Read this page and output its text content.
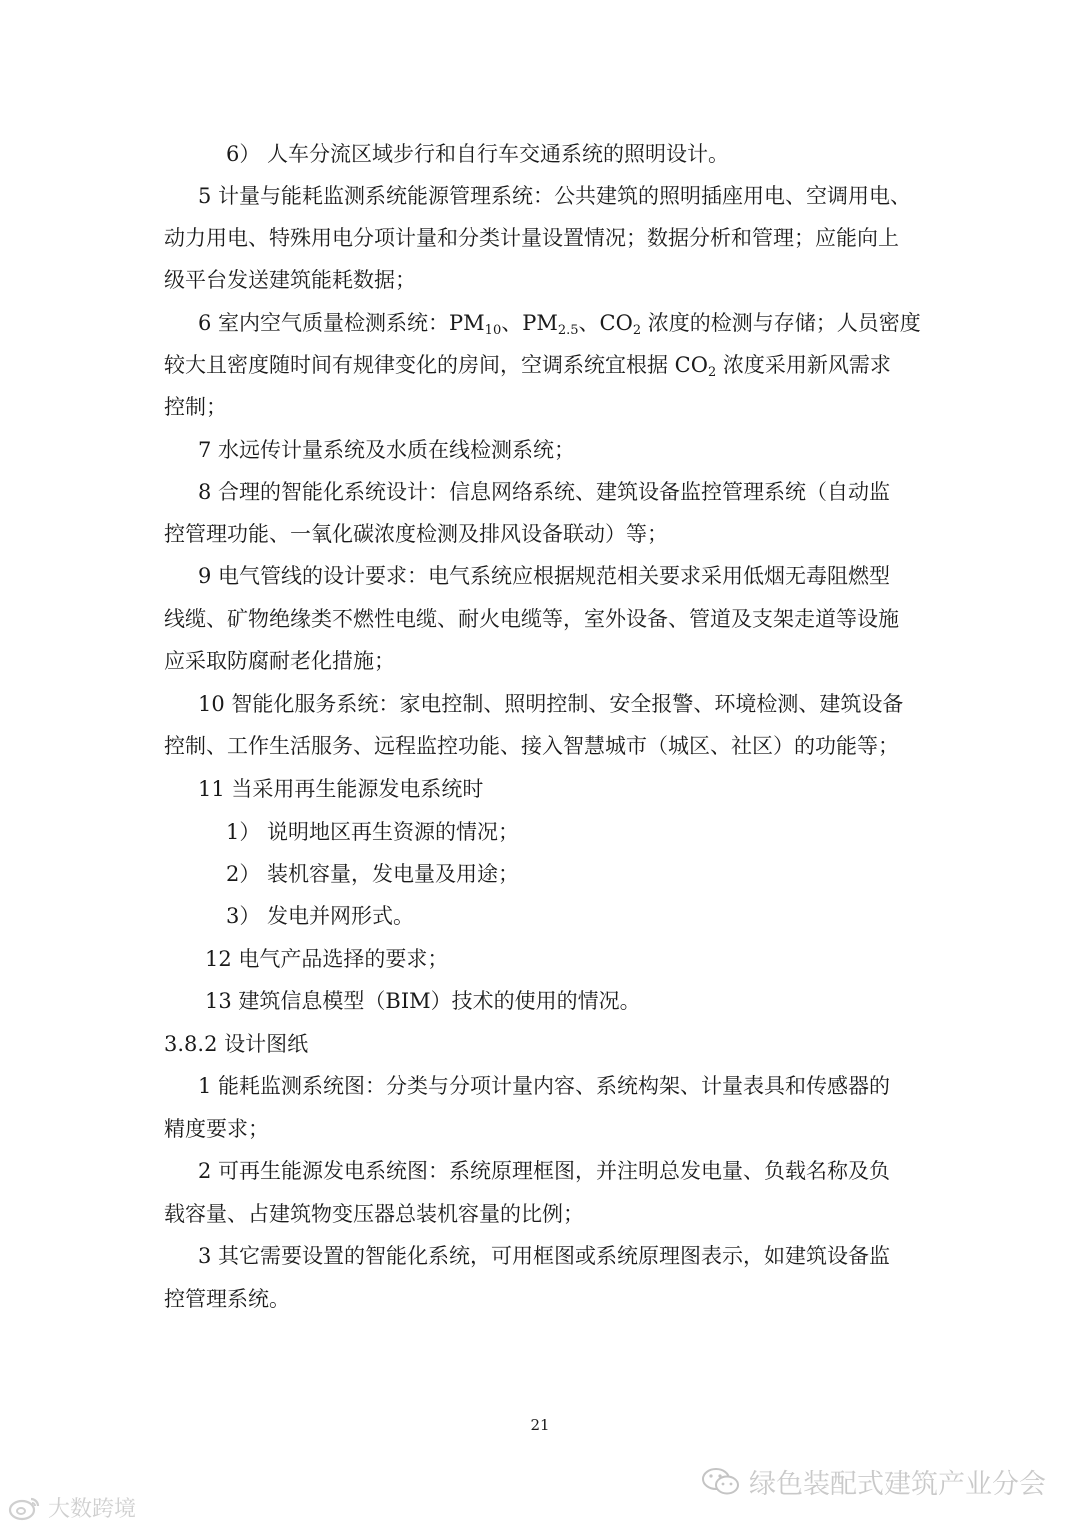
6） 人车分流区域步行和自行车交通系统的照明设计。
5 计量与能耗监测系统能源管理系统：公共建筑的照明插座用电、空调用电、
动力用电、特殊用电分项计量和分类计量设置情况；数据分析和管理；应能向上
级平台发送建筑能耗数据；
6 室内空气质量检测系统：$PM_{10}$、$PM_{2.5}$、$CO_2$ 浓度的检测与存储；人员密度
较大且密度随时间有规律变化的房间，空调系统宜根据 $CO_2$ 浓度采用新风需求
控制；
7 水远传计量系统及水质在线检测系统；
8 合理的智能化系统设计：信息网络系统、建筑设备监控管理系统（自动监
控管理功能、一氧化碳浓度检测及排风设备联动）等；
9 电气管线的设计要求：电气系统应根据规范相关要求采用低烟无毒阻燃型
线缆、矿物绝缘类不燃性电缆、耐火电缆等，室外设备、管道及支架走道等设施
应采取防腐耐老化措施；
10 智能化服务系统：家电控制、照明控制、安全报警、环境检测、建筑设备
控制、工作生活服务、远程监控功能、接入智慧城市（城区、社区）的功能等；
11 当采用再生能源发电系统时
1） 说明地区再生资源的情况；
2） 装机容量，发电量及用途；
3） 发电并网形式。
12 电气产品选择的要求；
13 建筑信息模型（BIM）技术的使用的情况。
3.8.2 设计图纸
1 能耗监测系统图：分类与分项计量内容、系统构架、计量表具和传感器的
精度要求；
2 可再生能源发电系统图：系统原理框图，并注明总发电量、负载名称及负
载容量、占建筑物变压器总装机容量的比例；
3 其它需要设置的智能化系统，可用框图或系统原理图表示，如建筑设备监
控管理系统。
21
绿色装配式建筑产业分会
大数跨境
